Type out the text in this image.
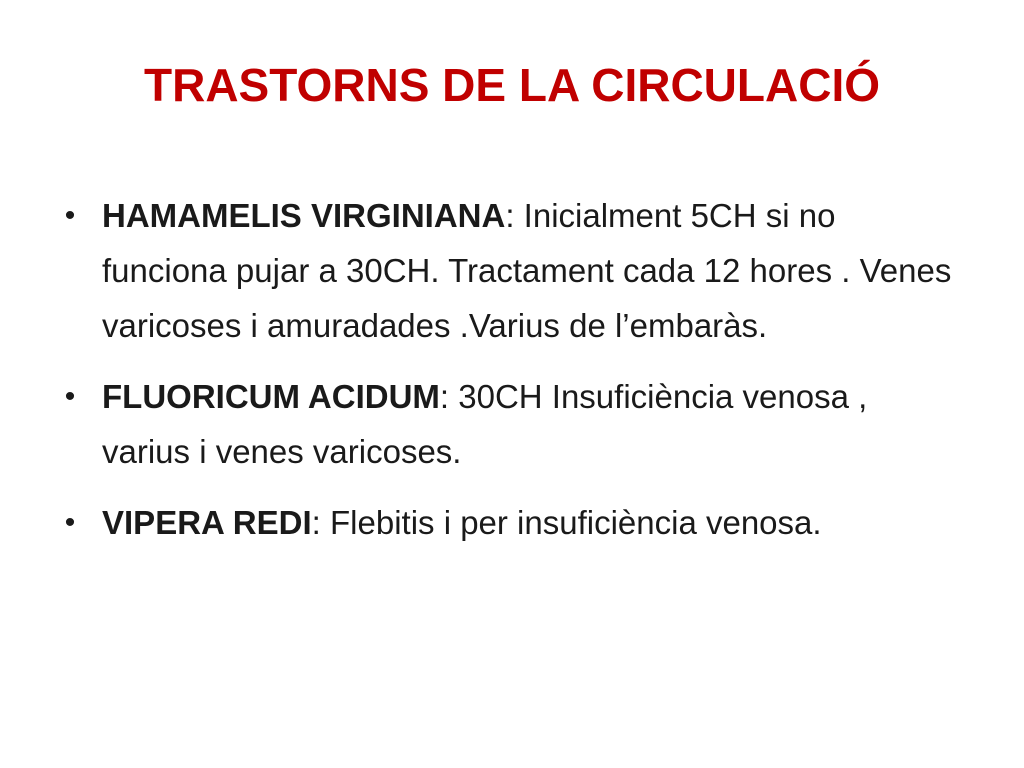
TRASTORNS DE LA CIRCULACIÓ
• HAMAMELIS VIRGINIANA: Inicialment 5CH si no funciona pujar a 30CH. Tractament cada 12 hores . Venes varicoses i amuradades .Varius de l’embaràs.
• FLUORICUM ACIDUM: 30CH Insuficiència venosa , varius i venes varicoses.
• VIPERA REDI: Flebitis i per insuficiència venosa.
